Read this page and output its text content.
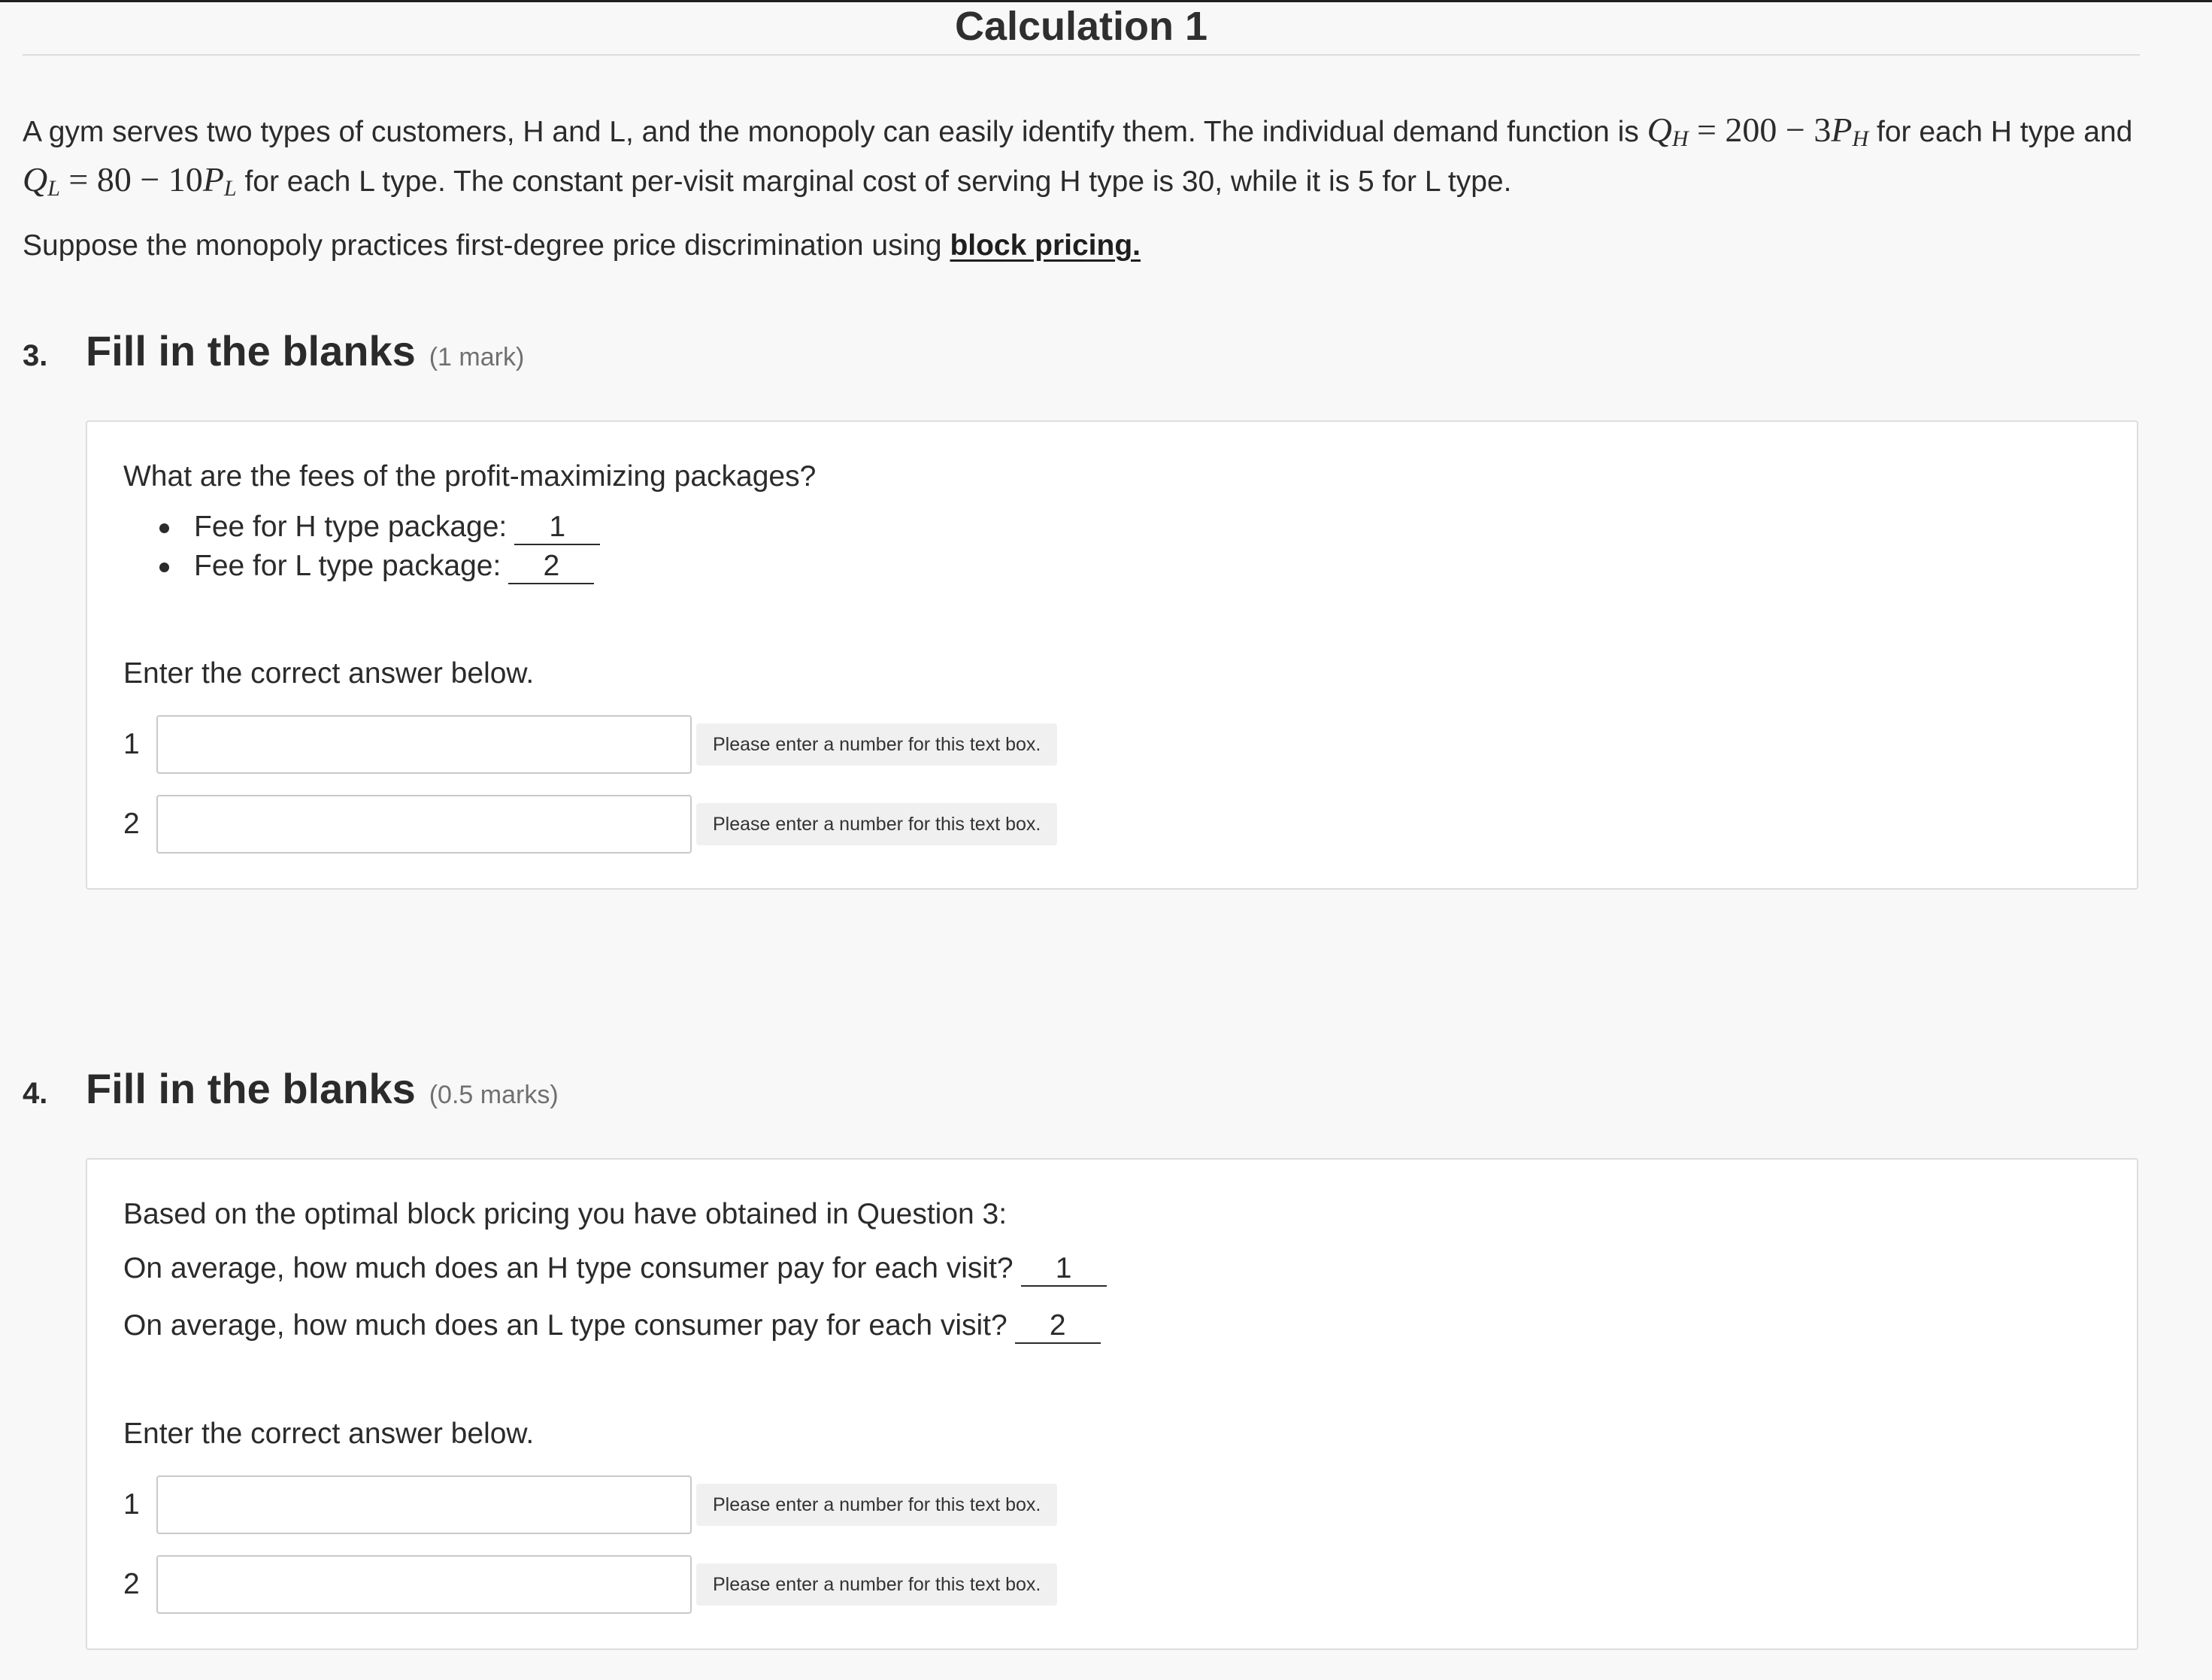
Calculation 1

A gym serves two types of customers, H and L, and the monopoly can easily identify them. The individual demand function is $Q_H = 200 - 3P_H$ for each H type and $Q_L = 80 - 10P_L$ for each L type. The constant per-visit marginal cost of serving H type is 30, while it is 5 for L type.

Suppose the monopoly practices first-degree price discrimination using block pricing.

3. Fill in the blanks (1 mark)

What are the fees of the profit-maximizing packages?

Fee for H type package: 1
Fee for L type package: 2

Enter the correct answer below.

1	Please enter a number for this text box.
2	Please enter a number for this text box.
4. Fill in the blanks (0.5 marks)

Based on the optimal block pricing you have obtained in Question 3:

On average, how much does an H type consumer pay for each visit? 1

On average, how much does an L type consumer pay for each visit? 2

Enter the correct answer below.

1	Please enter a number for this text box.
2	Please enter a number for this text box.
